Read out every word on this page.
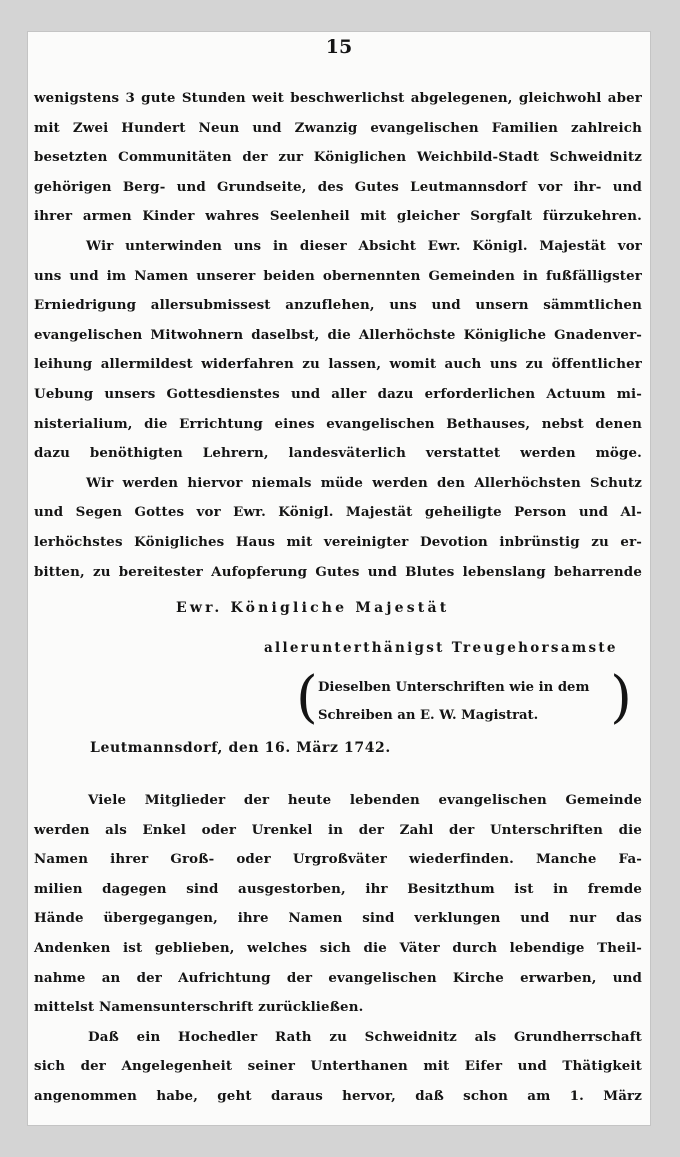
15
wenigstens 3 gute Stunden weit beschwerlichst abgelegenen, gleichwohl aber
mit Zwei Hundert Neun und Zwanzig evangelischen Familien zahlreich
besetzten Communitäten der zur Königlichen Weichbild-Stadt Schweidnitz
gehörigen Berg- und Grundseite, des Gutes Leutmannsdorf vor ihr- und
ihrer armen Kinder wahres Seelenheil mit gleicher Sorgfalt fürzukehren.
Wir unterwinden uns in dieser Absicht Ewr. Königl. Majestät vor
uns und im Namen unserer beiden obernennten Gemeinden in fußfälligster
Erniedrigung allersubmissest anzuflehen, uns und unsern sämmtlichen
evangelischen Mitwohnern daselbst, die Allerhöchste Königliche Gnadenver-
leihung allermildest widerfahren zu lassen, womit auch uns zu öffentlicher
Uebung unsers Gottesdienstes und aller dazu erforderlichen Actuum mi-
nisterialium, die Errichtung eines evangelischen Bethauses, nebst denen
dazu benöthigten Lehrern, landesväterlich verstattet werden möge.
Wir werden hiervor niemals müde werden den Allerhöchsten Schutz
und Segen Gottes vor Ewr. Königl. Majestät geheiligte Person und Al-
lerhöchstes Königliches Haus mit vereinigter Devotion inbrünstig zu er-
bitten, zu bereitester Aufopferung Gutes und Blutes lebenslang beharrende
Ewr. Königliche Majestät
allerunterthänigst Treugehorsamste
( Dieselben Unterschriften wie in dem
Schreiben an E. W. Magistrat. )
Leutmannsdorf, den 16. März 1742.
Viele Mitglieder der heute lebenden evangelischen Gemeinde
werden als Enkel oder Urenkel in der Zahl der Unterschriften die
Namen ihrer Groß- oder Urgroßväter wiederfinden. Manche Fa-
milien dagegen sind ausgestorben, ihr Besitzthum ist in fremde
Hände übergegangen, ihre Namen sind verklungen und nur das
Andenken ist geblieben, welches sich die Väter durch lebendige Theil-
nahme an der Aufrichtung der evangelischen Kirche erwarben, und
mittelst Namensunterschrift zurückließen.
Daß ein Hochedler Rath zu Schweidnitz als Grundherrschaft
sich der Angelegenheit seiner Unterthanen mit Eifer und Thätigkeit
angenommen habe, geht daraus hervor, daß schon am 1. März
